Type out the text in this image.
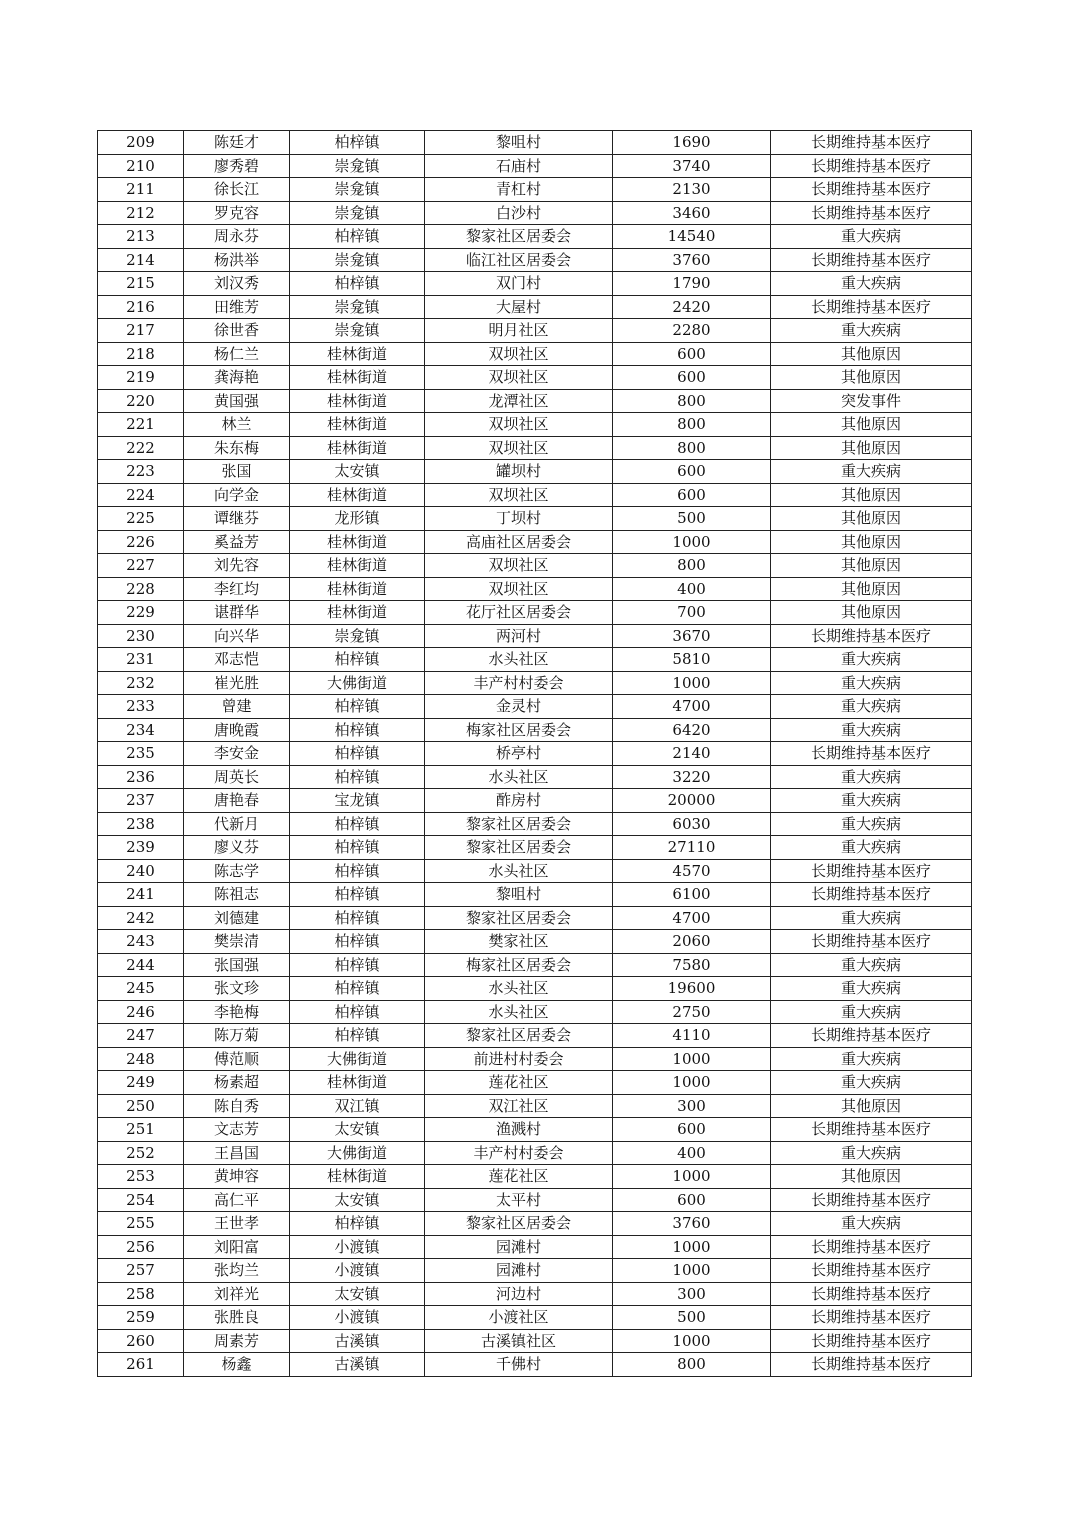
209	陈廷才	柏梓镇	黎咀村	1690	长期维持基本医疗
210	廖秀碧	崇龛镇	石庙村	3740	长期维持基本医疗
211	徐长江	崇龛镇	青杠村	2130	长期维持基本医疗
212	罗克容	崇龛镇	白沙村	3460	长期维持基本医疗
213	周永芬	柏梓镇	黎家社区居委会	14540	重大疾病
214	杨洪举	崇龛镇	临江社区居委会	3760	长期维持基本医疗
215	刘汉秀	柏梓镇	双门村	1790	重大疾病
216	田维芳	崇龛镇	大屋村	2420	长期维持基本医疗
217	徐世香	崇龛镇	明月社区	2280	重大疾病
218	杨仁兰	桂林街道	双坝社区	600	其他原因
219	龚海艳	桂林街道	双坝社区	600	其他原因
220	黄国强	桂林街道	龙潭社区	800	突发事件
221	林兰	桂林街道	双坝社区	800	其他原因
222	朱东梅	桂林街道	双坝社区	800	其他原因
223	张国	太安镇	罐坝村	600	重大疾病
224	向学金	桂林街道	双坝社区	600	其他原因
225	谭继芬	龙形镇	丁坝村	500	其他原因
226	奚益芳	桂林街道	高庙社区居委会	1000	其他原因
227	刘先容	桂林街道	双坝社区	800	其他原因
228	李红均	桂林街道	双坝社区	400	其他原因
229	谌群华	桂林街道	花厅社区居委会	700	其他原因
230	向兴华	崇龛镇	两河村	3670	长期维持基本医疗
231	邓志恺	柏梓镇	水头社区	5810	重大疾病
232	崔光胜	大佛街道	丰产村村委会	1000	重大疾病
233	曾建	柏梓镇	金灵村	4700	重大疾病
234	唐晚霞	柏梓镇	梅家社区居委会	6420	重大疾病
235	李安金	柏梓镇	桥亭村	2140	长期维持基本医疗
236	周英长	柏梓镇	水头社区	3220	重大疾病
237	唐艳春	宝龙镇	酢房村	20000	重大疾病
238	代新月	柏梓镇	黎家社区居委会	6030	重大疾病
239	廖义芬	柏梓镇	黎家社区居委会	27110	重大疾病
240	陈志学	柏梓镇	水头社区	4570	长期维持基本医疗
241	陈祖志	柏梓镇	黎咀村	6100	长期维持基本医疗
242	刘德建	柏梓镇	黎家社区居委会	4700	重大疾病
243	樊崇清	柏梓镇	樊家社区	2060	长期维持基本医疗
244	张国强	柏梓镇	梅家社区居委会	7580	重大疾病
245	张文珍	柏梓镇	水头社区	19600	重大疾病
246	李艳梅	柏梓镇	水头社区	2750	重大疾病
247	陈万菊	柏梓镇	黎家社区居委会	4110	长期维持基本医疗
248	傅范顺	大佛街道	前进村村委会	1000	重大疾病
249	杨素超	桂林街道	莲花社区	1000	重大疾病
250	陈自秀	双江镇	双江社区	300	其他原因
251	文志芳	太安镇	渔溅村	600	长期维持基本医疗
252	王昌国	大佛街道	丰产村村委会	400	重大疾病
253	黄坤容	桂林街道	莲花社区	1000	其他原因
254	高仁平	太安镇	太平村	600	长期维持基本医疗
255	王世孝	柏梓镇	黎家社区居委会	3760	重大疾病
256	刘阳富	小渡镇	园滩村	1000	长期维持基本医疗
257	张均兰	小渡镇	园滩村	1000	长期维持基本医疗
258	刘祥光	太安镇	河边村	300	长期维持基本医疗
259	张胜良	小渡镇	小渡社区	500	长期维持基本医疗
260	周素芳	古溪镇	古溪镇社区	1000	长期维持基本医疗
261	杨鑫	古溪镇	千佛村	800	长期维持基本医疗
